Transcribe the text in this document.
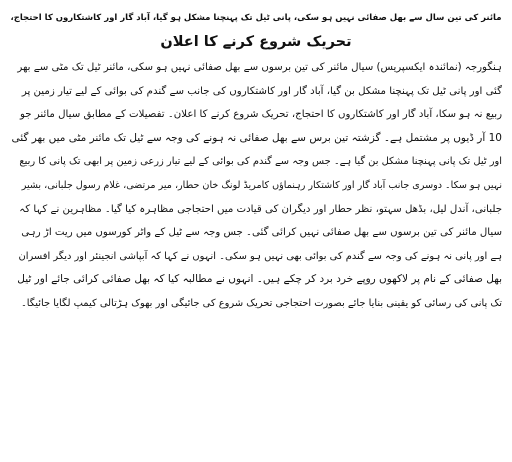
مائنر کی تین سال سے بھل صفائی نہیں ہو سکی، پانی ٹیل تک پہنچنا مشکل ہو گیا، آباد گار اور کاشتکاروں کا احتجاج،
تحریک شروع کرنے کا اعلان
ہنگورجہ (نمائندہ ایکسپریس) سیال مائنر کی تین برسوں سے بھل صفائی نہیں ہو سکی، مائنر ٹیل تک مٹی سے بھر
گئی اور پانی ٹیل تک پہنچنا مشکل بن گیا، آباد گار اور کاشتکاروں کی جانب سے گندم کی بوائی کے لیے تیار زمین پر
ربیع نہ ہو سکا، آباد گار اور کاشتکاروں کا احتجاج، تحریک شروع کرنے کا اعلان۔ تفصیلات کے مطابق سیال مائنر جو
10 آر ڈیوں پر مشتمل ہے۔ گزشتہ تین برس سے بھل صفائی نہ ہونے کی وجہ سے ٹیل تک مائنر مٹی میں بھر گئی
اور ٹیل تک پانی پہنچنا مشکل بن گیا ہے۔ جس وجہ سے گندم کی بوائی کے لیے تیار زرعی زمین پر ابھی تک پانی کا ربیع
نہیں ہو سکا۔ دوسری جانب آباد گار اور کاشتکار رہنماؤں کامریڈ لونگ خان حطار، میر مرتضی، غلام رسول جلبانی، بشیر
جلبانی، آندل لیل، بڈھل سہتو، نظر حطار اور دیگران کی قیادت میں احتجاجی مظاہرہ کیا گیا۔ مظاہرین نے کہا کہ
سیال مائنر کی تین برسوں سے بھل صفائی نہیں کرائی گئی۔ جس وجہ سے ٹیل کے واٹر کورسوں میں ریت اڑ رہی
ہے اور پانی نہ ہونے کی وجہ سے گندم کی بوائی بھی نہیں ہو سکی۔ انہوں نے کہا کہ آبپاشی انجینئر اور دیگر افسران
بھل صفائی کے نام پر لاکھوں روپے خرد برد کر چکے ہیں۔ انہوں نے مطالبہ کیا کہ بھل صفائی کرائی جائے اور ٹیل
تک پانی کی رسائی کو یقینی بنایا جائے بصورت احتجاجی تحریک شروع کی جائیگی اور بھوک ہڑتالی کیمپ لگایا جائیگا۔
